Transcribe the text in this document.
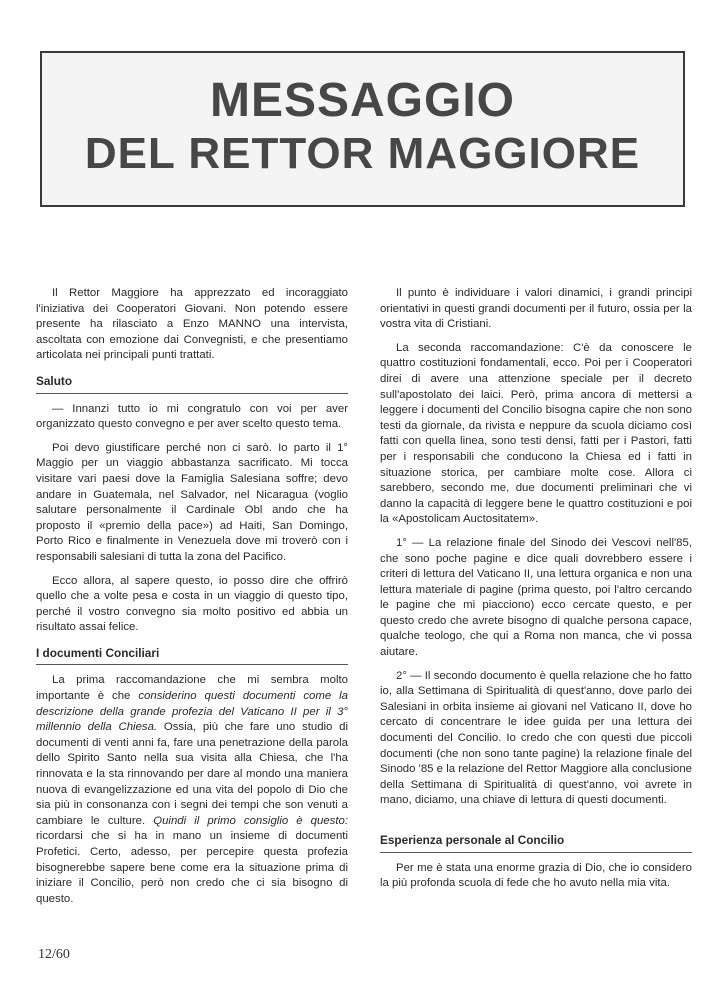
MESSAGGIO
DEL RETTOR MAGGIORE

Il Rettor Maggiore ha apprezzato ed incoraggiato l'iniziativa dei Cooperatori Giovani. Non potendo essere presente ha rilasciato a Enzo MANNO una intervista, ascoltata con emozione dai Convegnisti, e che presentiamo articolata nei principali punti trattati.

Saluto

— Innanzi tutto io mi congratulo con voi per aver organizzato questo convegno e per aver scelto questo tema.

Poi devo giustificare perché non ci sarò. Io parto il 1° Maggio per un viaggio abbastanza sacrificato. Mi tocca visitare vari paesi dove la Famiglia Salesiana soffre; devo andare in Guatemala, nel Salvador, nel Nicaragua (voglio salutare personalmente il Cardinale Obl ando che ha proposto il «premio della pace») ad Haiti, San Domingo, Porto Rico e finalmente in Venezuela dove mi troverò con i responsabili salesiani di tutta la zona del Pacifico.

Ecco allora, al sapere questo, io posso dire che offrirò quello che a volte pesa e costa in un viaggio di questo tipo, perché il vostro convegno sia molto positivo ed abbia un risultato assai felice.

I documenti Conciliari

La prima raccomandazione che mi sembra molto importante è che considerino questi documenti come la descrizione della grande profezia del Vaticano II per il 3° millennio della Chiesa. Ossia, più che fare uno studio di documenti di venti anni fa, fare una penetrazione della parola dello Spirito Santo nella sua visita alla Chiesa, che l'ha rinnovata e la sta rinnovando per dare al mondo una maniera nuova di evangelizzazione ed una vita del popolo di Dio che sia più in consonanza con i segni dei tempi che son venuti a cambiare le culture. Quindi il primo consiglio è questo: ricordarsi che si ha in mano un insieme di documenti Profetici. Certo, adesso, per percepire questa profezia bisognerebbe sapere bene come era la situazione prima di iniziare il Concilio, però non credo che ci sia bisogno di questo.

Il punto è individuare i valori dinamici, i grandi principi orientativi in questi grandi documenti per il futuro, ossia per la vostra vita di Cristiani.

La seconda raccomandazione: C'è da conoscere le quattro costituzioni fondamentali, ecco. Poi per i Cooperatori direi di avere una attenzione speciale per il decreto sull'apostolato dei laici. Però, prima ancora di mettersi a leggere i documenti del Concilio bisogna capire che non sono testi da giornale, da rivista e neppure da scuola diciamo così fatti con quella linea, sono testi densi, fatti per i Pastori, fatti per i responsabili che conducono la Chiesa ed i fatti in situazione storica, per cambiare molte cose. Allora ci sarebbero, secondo me, due documenti preliminari che vi danno la capacità di leggere bene le quattro costituzioni e poi la «Apostolicam Auctositatem».

1° — La relazione finale del Sinodo dei Vescovi nell'85, che sono poche pagine e dice quali dovrebbero essere i criteri di lettura del Vaticano II, una lettura organica e non una lettura materiale di pagine (prima questo, poi l'altro cercando le pagine che mi piacciono) ecco cercate questo, e per questo credo che avrete bisogno di qualche persona capace, qualche teologo, che qui a Roma non manca, che vi possa aiutare.

2° — Il secondo documento è quella relazione che ho fatto io, alla Settimana di Spiritualità di quest'anno, dove parlo dei Salesiani in orbita insieme ai giovani nel Vaticano II, dove ho cercato di concentrare le idee guida per una lettura dei documenti del Concilio. Io credo che con questi due piccoli documenti (che non sono tante pagine) la relazione finale del Sinodo '85 e la relazione del Rettor Maggiore alla conclusione della Settimana di Spiritualità di quest'anno, voi avrete in mano, diciamo, una chiave di lettura di questi documenti.

Esperienza personale al Concilio

Per me è stata una enorme grazia di Dio, che io considero la più profonda scuola di fede che ho avuto nella mia vita.

12/60
